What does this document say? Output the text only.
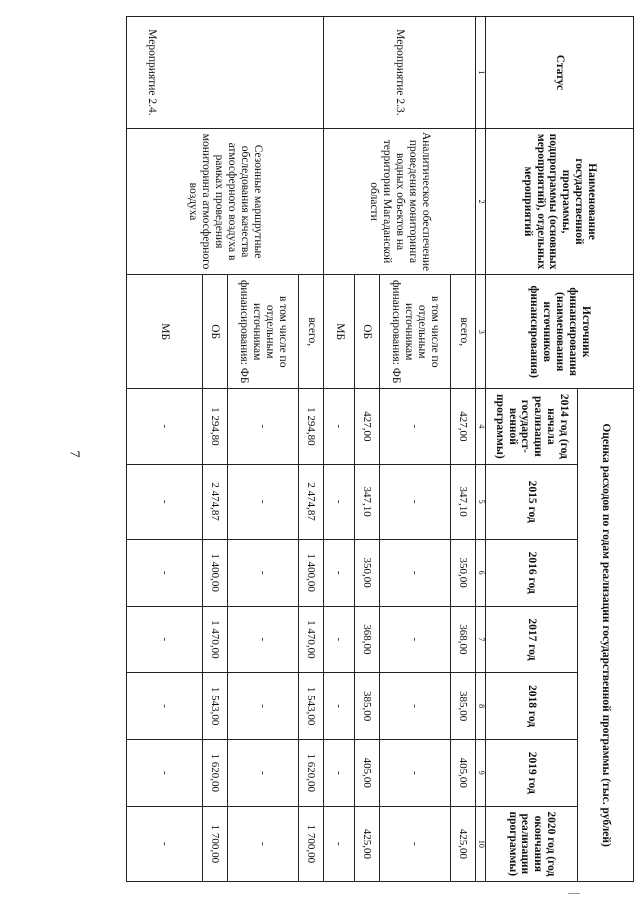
7
Статус	Наименование государственной программы, подпрограммы (основных мероприятий), отдельных мероприятий	Источник финансирования (наименования источников финансирования)	Оценка расходов по годам реализации государственной программы (тыс. рублей)						
			2014 год (год начала реализации государст-венной программы)	2015 год	2016 год	2017 год	2018 год	2019 год	2020 год (год окончания реализации программы)
1	2	3	4	5	6	7	8	9	10
Мероприятие 2.3.	Аналитическое обеспечение проведения мониторинга водных объектов на территории Магаданской области	всего,	427,00	347,10	350,00	368,00	385,00	405,00	425,00
		в том числе по отдельным источникам финансирования: ФБ	-	-	-	-	-	-	-
		ОБ	427,00	347,10	350,00	368,00	385,00	405,00	425,00
		МБ	-	-	-	-	-	-	-
Мероприятие 2.4.	Сезонные маршрутные обследования качества атмосферного воздуха в рамках проведения мониторинга атмосферного воздуха	всего,	1 294,80	2 474,87	1 400,00	1 470,00	1 543,00	1 620,00	1 700,00
		в том числе по отдельным источникам финансирования: ФБ	-	-	-	-	-	-	-
		ОБ	1 294,80	2 474,87	1 400,00	1 470,00	1 543,00	1 620,00	1 700,00
		МБ	-	-	-	-	-	-	-
